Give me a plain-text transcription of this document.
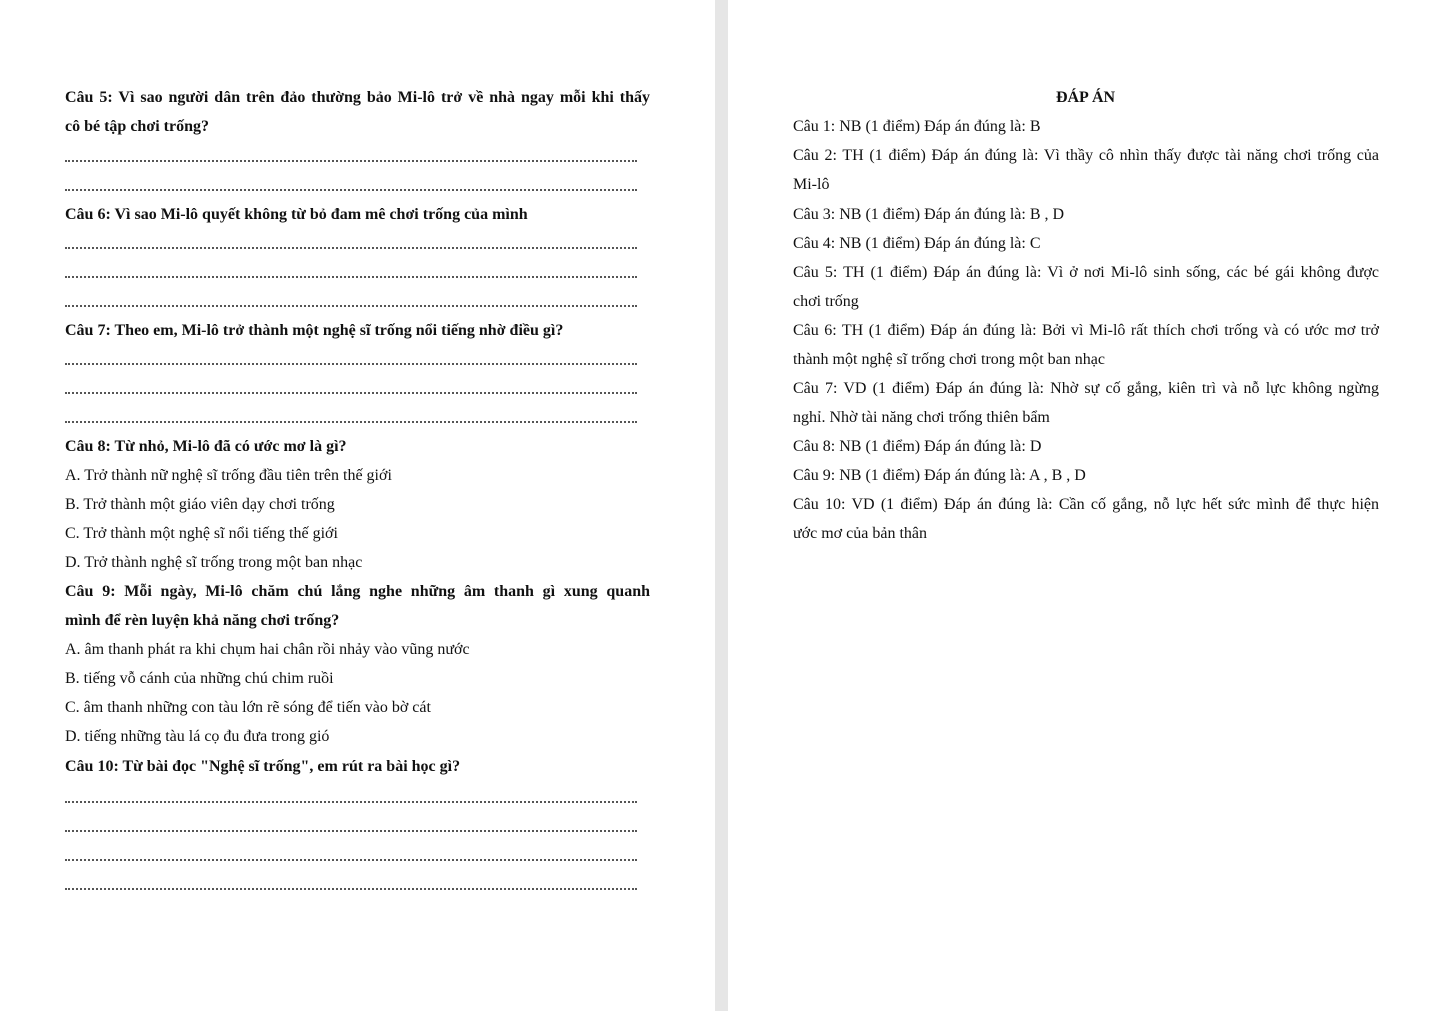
Câu 5: Vì sao người dân trên đảo thường bảo Mi-lô trở về nhà ngay mỗi khi thấy
cô bé tập chơi trống?
Câu 6: Vì sao Mi-lô quyết không từ bỏ đam mê chơi trống của mình
Câu 7: Theo em, Mi-lô trở thành một nghệ sĩ trống nổi tiếng nhờ điều gì?
Câu 8: Từ nhỏ, Mi-lô đã có ước mơ là gì?
A. Trở thành nữ nghệ sĩ trống đầu tiên trên thế giới
B. Trở thành một giáo viên dạy chơi trống
C. Trở thành một nghệ sĩ nổi tiếng thế giới
D. Trở thành nghệ sĩ trống trong một ban nhạc
Câu 9: Mỗi ngày, Mi-lô chăm chú lắng nghe những âm thanh gì xung quanh
mình để rèn luyện khả năng chơi trống?
A. âm thanh phát ra khi chụm hai chân rồi nhảy vào vũng nước
B. tiếng vỗ cánh của những chú chim ruồi
C. âm thanh những con tàu lớn rẽ sóng để tiến vào bờ cát
D. tiếng những tàu lá cọ đu đưa trong gió
Câu 10: Từ bài đọc "Nghệ sĩ trống", em rút ra bài học gì?
ĐÁP ÁN
Câu 1: NB (1 điểm) Đáp án đúng là: B
Câu 2: TH (1 điểm) Đáp án đúng là: Vì thầy cô nhìn thấy được tài năng chơi trống của
Mi-lô
Câu 3: NB (1 điểm) Đáp án đúng là: B , D
Câu 4: NB (1 điểm) Đáp án đúng là: C
Câu 5: TH (1 điểm) Đáp án đúng là: Vì ở nơi Mi-lô sinh sống, các bé gái không được
chơi trống
Câu 6: TH (1 điểm) Đáp án đúng là: Bởi vì Mi-lô rất thích chơi trống và có ước mơ trở
thành một nghệ sĩ trống chơi trong một ban nhạc
Câu 7: VD (1 điểm) Đáp án đúng là: Nhờ sự cố gắng, kiên trì và nỗ lực không ngừng
nghỉ. Nhờ tài năng chơi trống thiên bẩm
Câu 8: NB (1 điểm) Đáp án đúng là: D
Câu 9: NB (1 điểm) Đáp án đúng là: A , B , D
Câu 10: VD (1 điểm) Đáp án đúng là: Cần cố gắng, nỗ lực hết sức mình để thực hiện
ước mơ của bản thân
